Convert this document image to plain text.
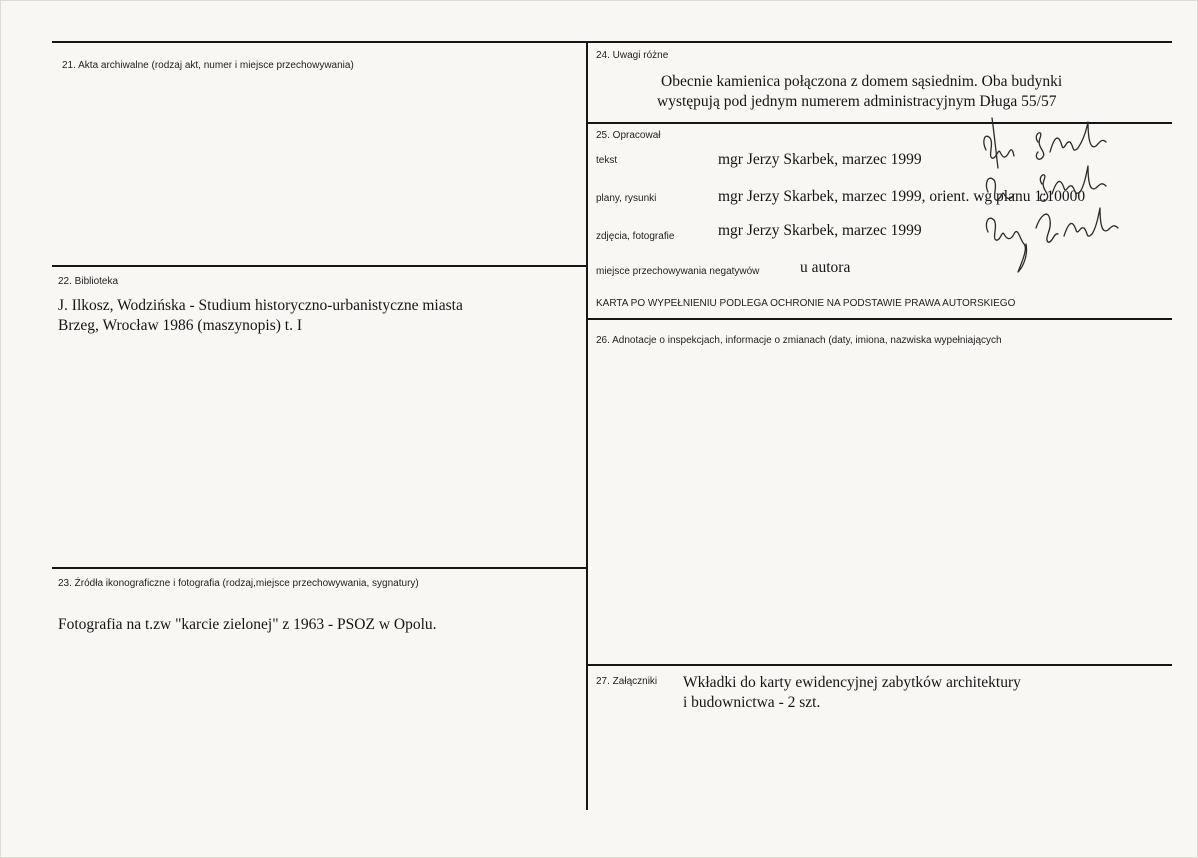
21. Akta archiwalne (rodzaj akt, numer i miejsce przechowywania)
22. Biblioteka
J. Ilkosz, Wodzińska - Studium historyczno-urbanistyczne miasta
Brzeg, Wrocław 1986 (maszynopis) t. I
23. Źródła ikonograficzne i fotografia (rodzaj,miejsce przechowywania, sygnatury)
Fotografia na t.zw "karcie zielonej" z 1963 - PSOZ w Opolu.
24. Uwagi różne
Obecnie kamienica połączona z domem sąsiednim. Oba budynki
występują pod jednym numerem administracyjnym Długa 55/57
25. Opracował
tekst	mgr Jerzy Skarbek, marzec 1999
plany, rysunki	mgr Jerzy Skarbek, marzec 1999, orient. wg planu 1:10000
zdjęcia, fotografie	mgr Jerzy Skarbek, marzec 1999
miejsce przechowywania negatywów	u autora
KARTA PO WYPEŁNIENIU PODLEGA OCHRONIE NA PODSTAWIE PRAWA AUTORSKIEGO
26. Adnotacje o inspekcjach, informacje o zmianach (daty, imiona, nazwiska wypełniających
27. Załączniki Wkładki do karty ewidencyjnej zabytków architektury
i budownictwa - 2 szt.
